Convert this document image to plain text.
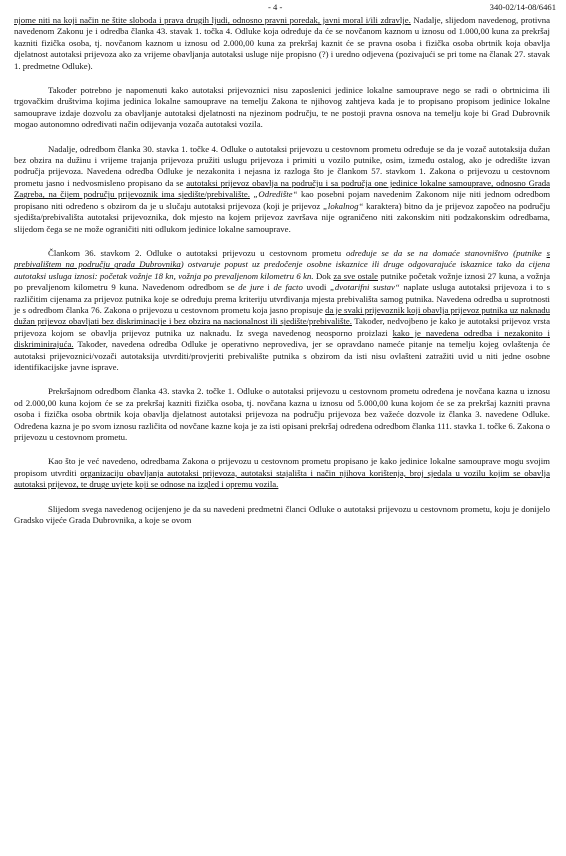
- 4 -	340-02/14-08/6461

njome niti na koji način ne štite sloboda i prava drugih ljudi, odnosno pravni poredak, javni moral i/ili zdravlje. Nadalje, slijedom navedenog, protivna navedenom Zakonu je i odredba članka 43. stavak 1. točka 4. Odluke koja određuje da će se novčanom kaznom u iznosu od 1.000,00 kuna za prekršaj kazniti fizička osoba, tj. novčanom kaznom u iznosu od 2.000,00 kuna za prekršaj kaznit će se pravna osoba i fizička osoba obrtnik koja obavlja djelatnost autotaksi prijevoza ako za vrijeme obavljanja autotaksi usluge nije propisno (?) i uredno odjevena (pozivajući se pri tome na članak 27. stavak 1. predmetne Odluke).

Također potrebno je napomenuti kako autotaksi prijevoznici nisu zaposlenici jedinice lokalne samouprave nego se radi o obrtnicima ili trgovačkim društvima kojima jedinica lokalne samouprave na temelju Zakona te njihovog zahtjeva kada je to propisano propisom jedinice lokalne samouprave izdaje dozvolu za obavljanje autotaksi djelatnosti na njezinom području, te ne postoji pravna osnova na temelju koje bi Grad Dubrovnik mogao autonomno određivati način odijevanja vozača autotaksi vozila.

Nadalje, odredbom članka 30. stavka 1. točke 4. Odluke o autotaksi prijevozu u cestovnom prometu određuje se da je vozač autotaksija dužan bez obzira na dužinu i vrijeme trajanja prijevoza pružiti uslugu prijevoza i primiti u vozilo putnike, osim, između ostalog, ako je odredište izvan područja prijevoza. Navedena odredba Odluke je nezakonita i nejasna iz razloga što je člankom 57. stavkom 1. Zakona o prijevozu u cestovnom prometu jasno i nedvosmisleno propisano da se autotaksi prijevoz obavlja na području i sa područja one jedinice lokalne samouprave, odnosno Grada Zagreba, na čijem području prijevoznik ima sjedište/prebivalište. „Odredište“ kao posebni pojam navedenim Zakonom nije niti jednom odredbom propisano niti određeno s obzirom da je u slučaju autotaksi prijevoza (koji je prijevoz „lokalnog“ karaktera) bitno da je prijevoz započeo na području sjedišta/prebivališta autotaksi prijevoznika, dok mjesto na kojem prijevoz završava nije ograničeno niti zakonskim niti podzakonskim odredbama, slijedom čega se ne može ograničiti niti odlukom jedinice lokalne samouprave.

Člankom 36. stavkom 2. Odluke o autotaksi prijevozu u cestovnom prometu određuje se da se na domaće stanovništvo (putnike s prebivalištem na području grada Dubrovnika) ostvaruje popust uz predočenje osobne iskaznice ili druge odgovarajuće iskaznice tako da cijena autotaksi usluga iznosi: početak vožnje 18 kn, vožnja po prevaljenom kilometru 6 kn. Dok za sve ostale putnike početak vožnje iznosi 27 kuna, a vožnja po prevaljenom kilometru 9 kuna. Navedenom odredbom se de jure i de facto uvodi „dvotarifni sustav“ naplate usluga autotaksi prijevoza i to s različitim cijenama za prijevoz putnika koje se određuju prema kriteriju utvrđivanja mjesta prebivališta samog putnika. Navedena odredba u suprotnosti je s odredbom članka 76. Zakona o prijevozu u cestovnom prometu koja jasno propisuje da je svaki prijevoznik koji obavlja prijevoz putnika uz naknadu dužan prijevoz obavljati bez diskriminacije i bez obzira na nacionalnost ili sjedište/prebivalište. Također, nedvojbeno je kako je autotaksi prijevoz vrsta prijevoza kojom se obavlja prijevoz putnika uz naknadu. Iz svega navedenog neosporno proizlazi kako je navedena odredba i nezakonito i diskriminirajuća. Također, navedena odredba Odluke je operativno neprovediva, jer se opravdano nameće pitanje na temelju kojeg ovlaštenja će autotaksi prijevoznici/vozači autotaksija utvrditi/provjeriti prebivalište putnika s obzirom da isti nisu ovlašteni zatražiti uvid u niti jedne osobne identifikacijske javne isprave.

Prekršajnom odredbom članka 43. stavka 2. točke 1. Odluke o autotaksi prijevozu u cestovnom prometu određena je novčana kazna u iznosu od 2.000,00 kuna kojom će se za prekršaj kazniti fizička osoba, tj. novčana kazna u iznosu od 5.000,00 kuna kojom će se za prekršaj kazniti pravna osoba i fizička osoba obrtnik koja obavlja djelatnost autotaksi prijevoza na području prijevoza bez važeće dozvole iz članka 3. navedene Odluke. Određena kazna je po svom iznosu različita od novčane kazne koja je za isti opisani prekršaj određena odredbom članka 111. stavka 1. točke 6. Zakona o prijevozu u cestovnom prometu.

Kao što je već navedeno, odredbama Zakona o prijevozu u cestovnom prometu propisano je kako jedinice lokalne samouprave mogu svojim propisom utvrditi organizaciju obavljanja autotaksi prijevoza, autotaksi stajališta i način njihova korištenja, broj sjedala u vozilu kojim se obavlja autotaksi prijevoz, te druge uvjete koji se odnose na izgled i opremu vozila.

Slijedom svega navedenog ocijenjeno je da su navedeni predmetni članci Odluke o autotaksi prijevozu u cestovnom prometu, koju je donijelo Gradsko vijeće Grada Dubrovnika, a koje se ovom
